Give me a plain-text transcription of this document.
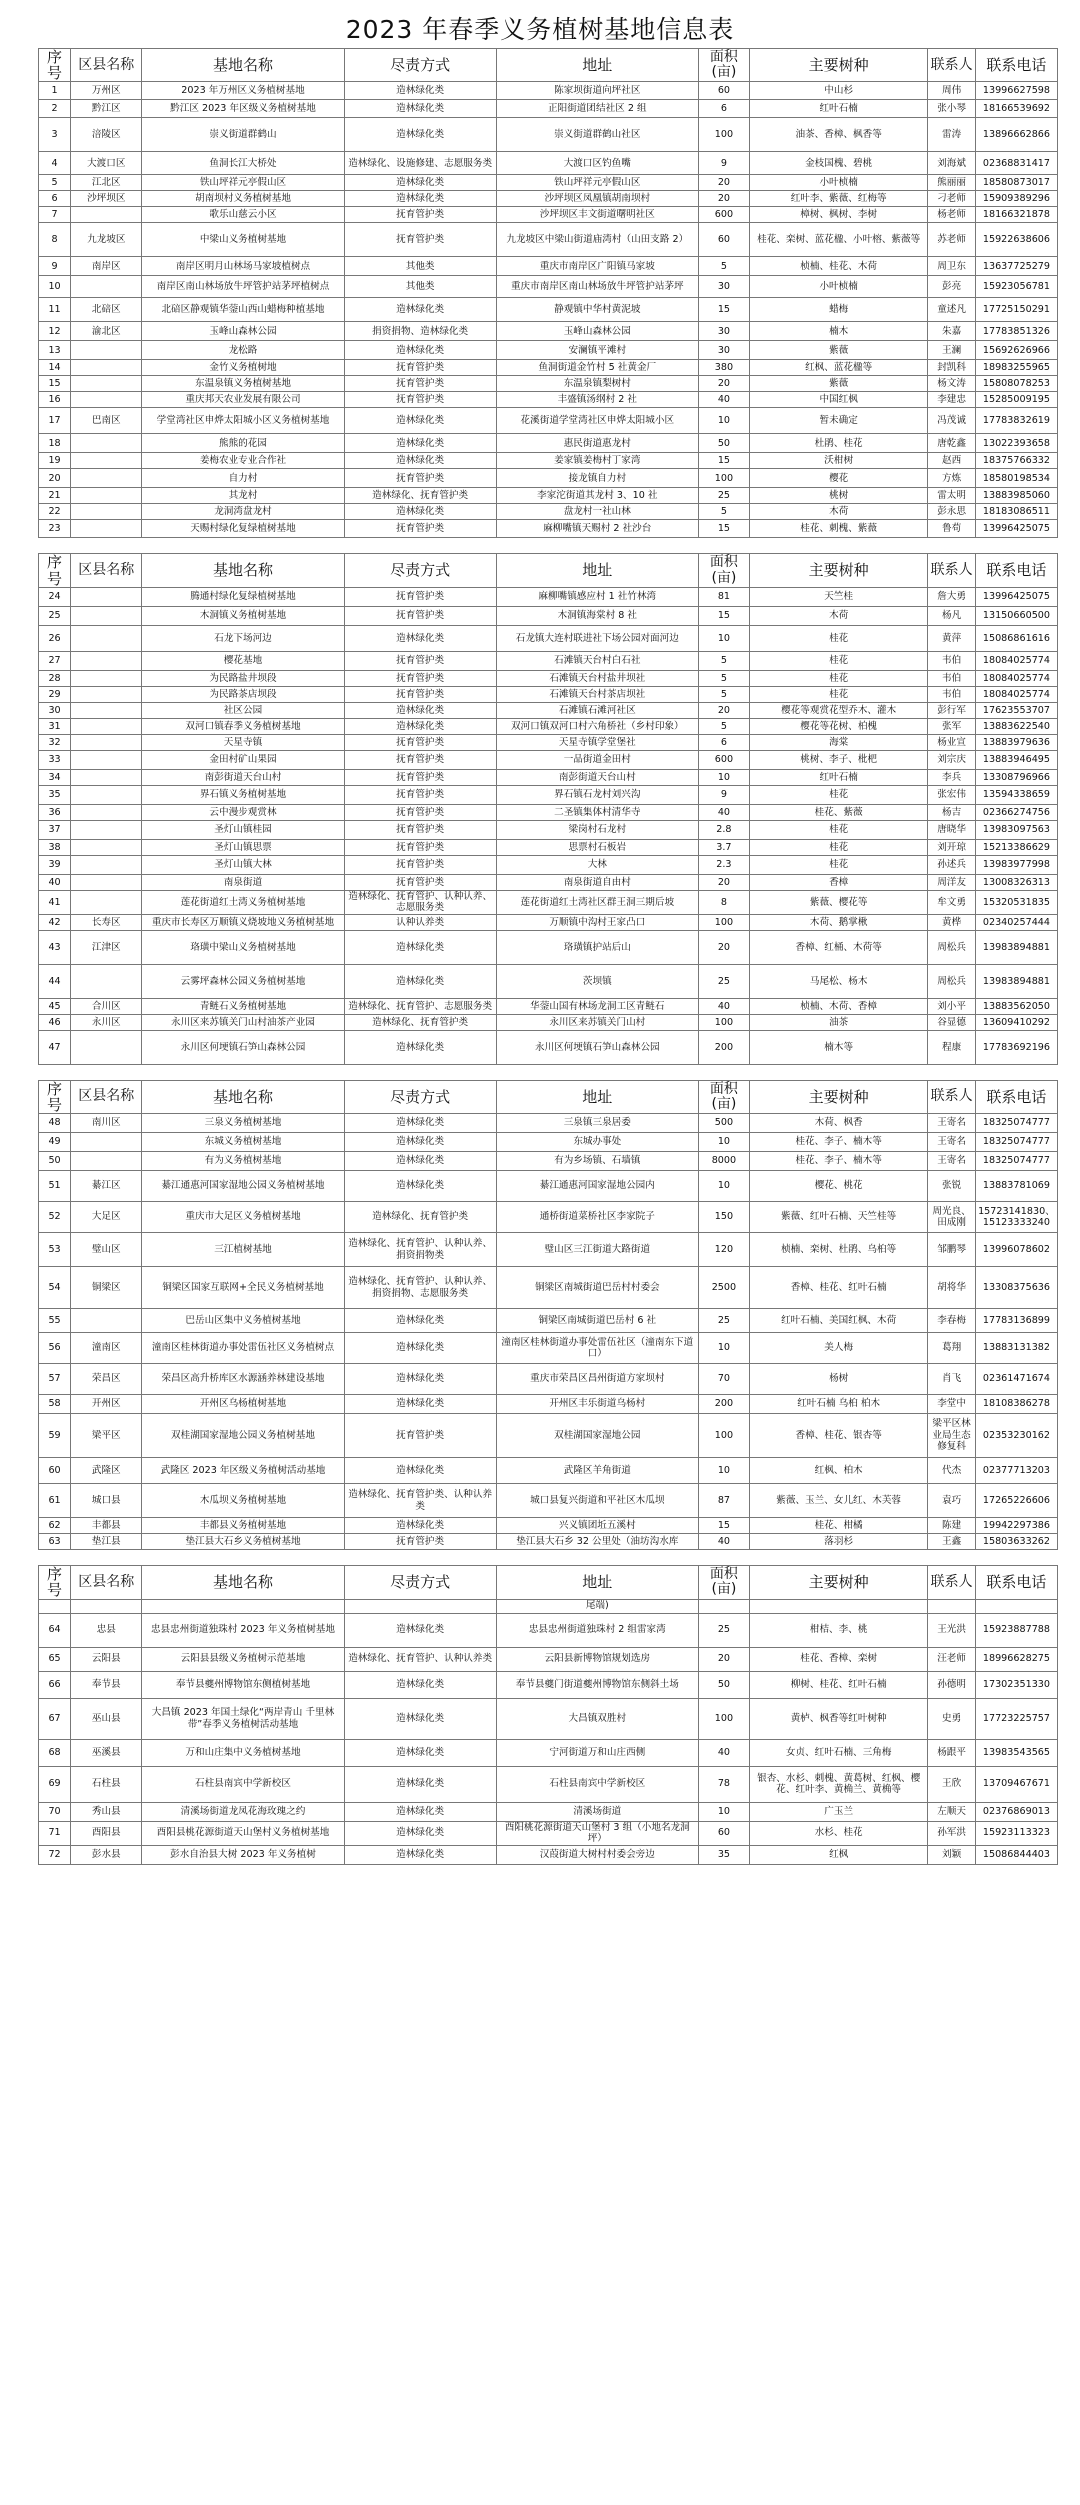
2023 年春季义务植树基地信息表
序号	区县名称	基地名称	尽责方式	地址	面积(亩)	主要树种	联系人	联系电话
1	万州区	2023 年万州区义务植树基地	造林绿化类	陈家坝街道向坪社区	60	中山杉	周伟	13996627598
2	黔江区	黔江区 2023 年区级义务植树基地	造林绿化类	正阳街道团结社区 2 组	6	红叶石楠	张小琴	18166539692
3	涪陵区	崇义街道群鹤山	造林绿化类	崇义街道群鹤山社区	100	油茶、香樟、枫香等	雷涛	13896662866
4	大渡口区	鱼洞长江大桥处	造林绿化、设施修建、志愿服务类	大渡口区钓鱼嘴	9	金枝国槐、碧桃	刘海斌	02368831417
5	江北区	铁山坪祥元亭假山区	造林绿化类	铁山坪祥元亭假山区	20	小叶桢楠	熊丽丽	18580873017
6	沙坪坝区	胡南坝村义务植树基地	造林绿化类	沙坪坝区凤凰镇胡南坝村	20	红叶李、紫薇、红梅等	刁老师	15909389296
7		歌乐山慈云小区	抚育管护类	沙坪坝区丰文街道曙明社区	600	樟树、枫树、李树	杨老师	18166321878
8	九龙坡区	中梁山义务植树基地	抚育管护类	九龙坡区中梁山街道庙湾村（山田支路 2）	60	桂花、栾树、蓝花楹、小叶榕、紫薇等	苏老师	15922638606
9	南岸区	南岸区明月山林场马家坡植树点	其他类	重庆市南岸区广阳镇马家坡	5	桢楠、桂花、木荷	周卫东	13637725279
10		南岸区南山林场放牛坪管护站茅坪植树点	其他类	重庆市南岸区南山林场放牛坪管护站茅坪	30	小叶桢楠	彭亮	15923056781
11	北碚区	北碚区静观镇华蓥山西山蜡梅种植基地	造林绿化类	静观镇中华村黄泥坡	15	蜡梅	童述凡	17725150291
12	渝北区	玉峰山森林公园	捐资捐物、造林绿化类	玉峰山森林公园	30	楠木	朱嘉	17783851326
13		龙松路	造林绿化类	安澜镇平滩村	30	紫薇	王澜	15692626966
14		金竹义务植树地	抚育管护类	鱼洞街道金竹村 5 社黄金厂	380	红枫、蓝花楹等	封凯科	18983255965
15		东温泉镇义务植树基地	抚育管护类	东温泉镇梨树村	20	紫薇	杨文涛	15808078253
16		重庆邦天农业发展有限公司	抚育管护类	丰盛镇汤纲村 2 社	40	中国红枫	李建忠	15285009195
17	巴南区	学堂湾社区申烨太阳城小区义务植树基地	造林绿化类	花溪街道学堂湾社区申烨太阳城小区	10	暂未确定	冯茂诚	17783832619
18		熊熊的花园	造林绿化类	惠民街道惠龙村	50	杜鹃、桂花	唐乾鑫	13022393658
19		姜梅农业专业合作社	造林绿化类	姜家镇姜梅村丁家湾	15	沃柑树	赵西	18375766332
20		自力村	抚育管护类	接龙镇自力村	100	樱花	方炼	18580198534
21		其龙村	造林绿化、抚育管护类	李家沱街道其龙村 3、10 社	25	桃树	雷太明	13883985060
22		龙洞湾盘龙村	造林绿化类	盘龙村一社山林	5	木荷	彭永思	18183086511
23		天赐村绿化复绿植树基地	抚育管护类	麻柳嘴镇天赐村 2 社沙台	15	桂花、刺槐、紫薇	鲁苟	13996425075
序号	区县名称	基地名称	尽责方式	地址	面积(亩)	主要树种	联系人	联系电话
24		腾通村绿化复绿植树基地	抚育管护类	麻柳嘴镇感应村 1 社竹林湾	81	天竺桂	詹大勇	13996425075
25		木洞镇义务植树基地	抚育管护类	木洞镇海棠村 8 社	15	木荷	杨凡	13150660500
26		石龙下场河边	造林绿化类	石龙镇大连村联进社下场公园对面河边	10	桂花	黄萍	15086861616
27		樱花基地	抚育管护类	石滩镇天台村白石社	5	桂花	韦伯	18084025774
28		为民路盐井坝段	抚育管护类	石滩镇天台村盐井坝社	5	桂花	韦伯	18084025774
29		为民路茶店坝段	抚育管护类	石滩镇天台村茶店坝社	5	桂花	韦伯	18084025774
30		社区公园	造林绿化类	石滩镇石滩河社区	20	樱花等观赏花型乔木、灌木	彭行军	17623553707
31		双河口镇春季义务植树基地	造林绿化类	双河口镇双河口村六角桥社（乡村印象）	5	樱花等花树、柏槐	张军	13883622540
32		天星寺镇	抚育管护类	天星寺镇学堂堡社	6	海棠	杨业宣	13883979636
33		金田村矿山果园	抚育管护类	一品街道金田村	600	桃树、李子、枇杷	刘宗庆	13883946495
34		南彭街道天台山村	抚育管护类	南彭街道天台山村	10	红叶石楠	李兵	13308796966
35		界石镇义务植树基地	抚育管护类	界石镇石龙村刘兴沟	9	桂花	张宏伟	13594338659
36		云中漫步观赏林	抚育管护类	二圣镇集体村清华寺	40	桂花、紫薇	杨吉	02366274756
37		圣灯山镇桂园	抚育管护类	梁岗村石龙村	2.8	桂花	唐晓华	13983097563
38		圣灯山镇思票	抚育管护类	思票村石板岩	3.7	桂花	刘开琼	15213386629
39		圣灯山镇大林	抚育管护类	大林	2.3	桂花	孙述兵	13983977998
40		南泉街道	抚育管护类	南泉街道自由村	20	香樟	周洋友	13008326313
41		莲花街道红土湾义务植树基地	造林绿化、抚育管护、认种认养、志愿服务类	莲花街道红土湾社区群王洞三期后坡	8	紫薇、樱花等	牟文勇	15320531835
42	长寿区	重庆市长寿区万顺镇义烧坡地义务植树基地	认种认养类	万顺镇中沟村王家凸口	100	木荷、鹅掌楸	黄桦	02340257444
43	江津区	珞璜中梁山义务植树基地	造林绿化类	珞璜镇护站后山	20	香樟、红桶、木荷等	周松兵	13983894881
44		云雾坪森林公园义务植树基地	造林绿化类	茨坝镇	25	马尾松、杨木	周松兵	13983894881
45	合川区	青鲢石义务植树基地	造林绿化、抚育管护、志愿服务类	华蓥山国有林场龙洞工区青鲢石	40	桢楠、木荷、香樟	刘小平	13883562050
46	永川区	永川区来苏镇关门山村油茶产业园	造林绿化、抚育管护类	永川区来苏镇关门山村	100	油茶	谷显德	13609410292
47		永川区何埂镇石笋山森林公园	造林绿化类	永川区何埂镇石笋山森林公园	200	楠木等	程康	17783692196
序号	区县名称	基地名称	尽责方式	地址	面积(亩)	主要树种	联系人	联系电话
48	南川区	三泉义务植树基地	造林绿化类	三泉镇三泉居委	500	木荷、枫香	王寄名	18325074777
49		东城义务植树基地	造林绿化类	东城办事处	10	桂花、李子、楠木等	王寄名	18325074777
50		有为义务植树基地	造林绿化类	有为乡场镇、石墙镇	8000	桂花、李子、楠木等	王寄名	18325074777
51	綦江区	綦江通惠河国家湿地公园义务植树基地	造林绿化类	綦江通惠河国家湿地公园内	10	樱花、桃花	张锐	13883781069
52	大足区	重庆市大足区义务植树基地	造林绿化、抚育管护类	通桥街道菜桥社区李家院子	150	紫薇、红叶石楠、天竺桂等	周光良、田成刚	15723141830、15123333240
53	璧山区	三江植树基地	造林绿化、抚育管护、认种认养、捐资捐物类	璧山区三江街道大路街道	120	桢楠、栾树、杜鹃、乌桕等	邹鹏琴	13996078602
54	铜梁区	铜梁区国家互联网+全民义务植树基地	造林绿化、抚育管护、认种认养、捐资捐物、志愿服务类	铜梁区南城街道巴岳村村委会	2500	香樟、桂花、红叶石楠	胡将华	13308375636
55		巴岳山区集中义务植树基地	造林绿化类	铜梁区南城街道巴岳村 6 社	25	红叶石楠、美国红枫、木荷	李春梅	17783136899
56	潼南区	潼南区桂林街道办事处雷伍社区义务植树点	造林绿化类	潼南区桂林街道办事处雷伍社区（潼南东下道口）	10	美人梅	葛翔	13883131382
57	荣昌区	荣昌区高升桥库区水源涵养林建设基地	造林绿化类	重庆市荣昌区昌州街道方家坝村	70	杨树	肖飞	02361471674
58	开州区	开州区乌杨植树基地	造林绿化类	开州区丰乐街道乌杨村	200	红叶石楠 乌桕 柏木	李堂中	18108386278
59	梁平区	双桂湖国家湿地公园义务植树基地	抚育管护类	双桂湖国家湿地公园	100	香樟、桂花、银杏等	梁平区林业局生态修复科	02353230162
60	武隆区	武隆区 2023 年区级义务植树活动基地	造林绿化类	武隆区羊角街道	10	红枫、柏木	代杰	02377713203
61	城口县	木瓜坝义务植树基地	造林绿化、抚育管护类、认种认养类	城口县复兴街道和平社区木瓜坝	87	紫薇、玉兰、女儿红、木芙蓉	袁巧	17265226606
62	丰都县	丰都县义务植树基地	造林绿化类	兴义镇团坵五溪村	15	桂花、柑橘	陈建	19942297386
63	垫江县	垫江县大石乡义务植树基地	抚育管护类	垫江县大石乡 32 公里处（油坊沟水库	40	落羽杉	王鑫	15803633262
序号	区县名称	基地名称	尽责方式	地址	面积(亩)	主要树种	联系人	联系电话
				尾端)				
64	忠县	忠县忠州街道独珠村 2023 年义务植树基地	造林绿化类	忠县忠州街道独珠村 2 组雷家湾	25	柑桔、李、桃	王光洪	15923887788
65	云阳县	云阳县县级义务植树示范基地	造林绿化、抚育管护、认种认养类	云阳县新博物馆规划选房	20	桂花、香樟、栾树	汪老师	18996628275
66	奉节县	奉节县夔州博物馆东侧植树基地	造林绿化类	奉节县夔门街道夔州博物馆东侧斜土场	50	柳树、桂花、红叶石楠	孙德明	17302351330
67	巫山县	大昌镇 2023 年国土绿化“两岸青山 千里林带”春季义务植树活动基地	造林绿化类	大昌镇双胜村	100	黄栌、枫香等红叶树种	史勇	17723225757
68	巫溪县	万和山庄集中义务植树基地	造林绿化类	宁河街道万和山庄西侧	40	女贞、红叶石楠、三角梅	杨跟平	13983543565
69	石柱县	石柱县南宾中学新校区	造林绿化类	石柱县南宾中学新校区	78	银杏、水杉、刺槐、黄葛树、红枫、樱花、红叶李、黄桷兰、黄桷等	王欣	13709467671
70	秀山县	清溪场街道龙凤花海玫瑰之约	造林绿化类	清溪场街道	10	广玉兰	左顺天	02376869013
71	酉阳县	酉阳县桃花源街道天山堡村义务植树基地	造林绿化类	酉阳桃花源街道天山堡村 3 组（小地名龙洞坪）	60	水杉、桂花	孙军洪	15923113323
72	彭水县	彭水自治县大树 2023 年义务植树	造林绿化类	汉葭街道大树村村委会旁边	35	红枫	刘颖	15086844403
